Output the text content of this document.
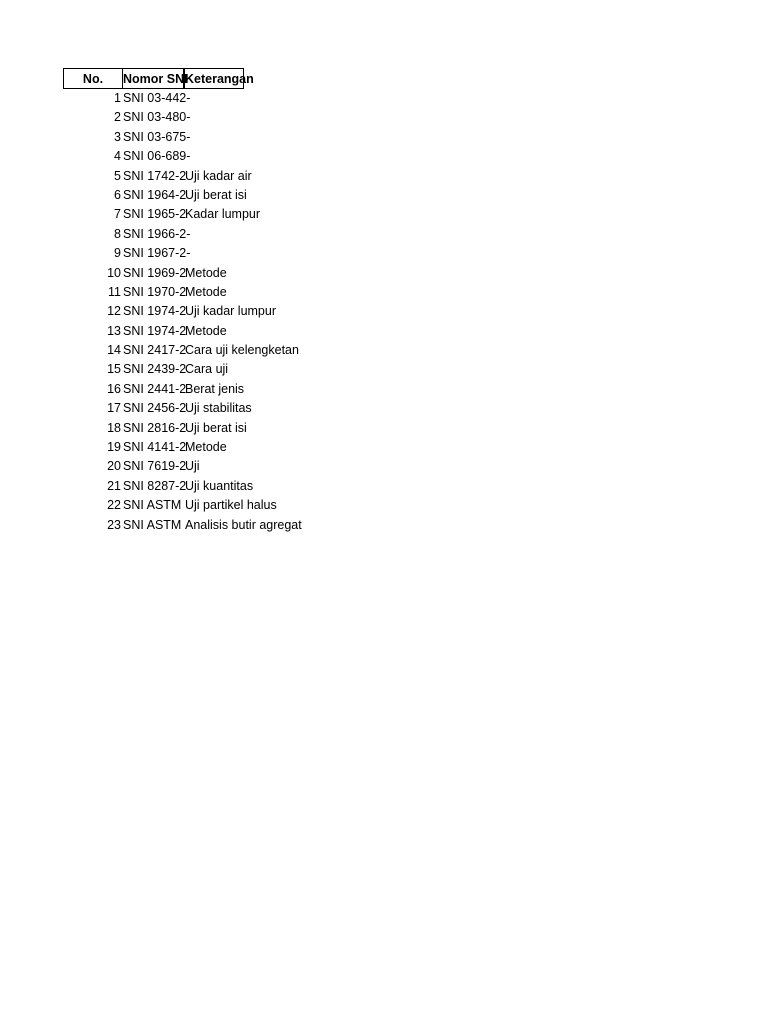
No.	Nomor SNI
Keterangan
1 SNI 03-442-
2 SNI 03-480-
3 SNI 03-675-
4 SNI 06-689-
5 SNI 1742-2
Uji kadar air
6 SNI 1964-2
Uji berat isi
7 SNI 1965-2
Kadar lumpur
8 SNI 1966-2-
9 SNI 1967-2-
10 SNI 1969-2
Metode
11 SNI 1970-2
Metode
12 SNI 1974-2
Uji kadar lumpur
13 SNI 1974-2
Metode
14 SNI 2417-2
Cara uji kelengketan
15 SNI 2439-2
Cara uji
16 SNI 2441-2
Berat jenis
17 SNI 2456-2
Uji stabilitas
18 SNI 2816-2
Uji berat isi
19 SNI 4141-2
Metode
20 SNI 7619-2
Uji
21 SNI 8287-2
Uji kuantitas
22 SNI ASTM Uji partikel halus
23 SNI ASTM Analisis butir agregat
